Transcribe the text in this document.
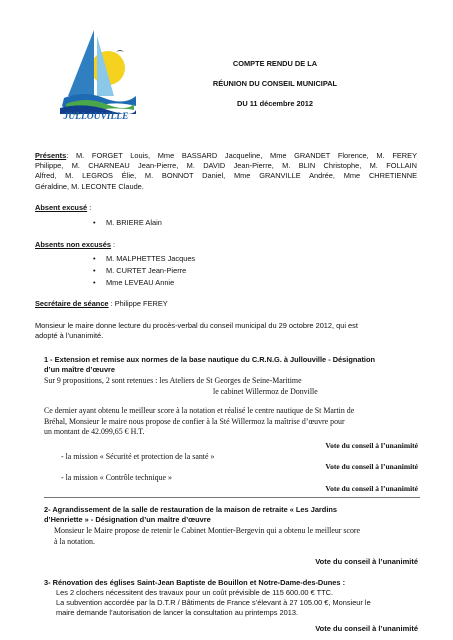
JULLOUVILLE
COMPTE RENDU DE LA
RÉUNION DU CONSEIL MUNICIPAL
DU 11 décembre 2012

Présents: M. FORGET Louis, Mme BASSARD Jacqueline, Mme GRANDET Florence, M. FEREY

Philippe, M. CHARNEAU Jean-Pierre, M. DAVID Jean-Pierre, M. BLIN Christophe, M. FOLLAIN

Alfred, M. LEGROS Élie, M. BONNOT Daniel, Mme GRANVILLE Andrée, Mme CHRETIENNE

Géraldine, M. LECONTE Claude.

Absent excusé :
• M. BRIERE Alain
Absents non excusés :
• M. MALPHETTES Jacques
• M. CURTET Jean-Pierre
• Mme LEVEAU Annie
Secrétaire de séance : Philippe FEREY

Monsieur le maire donne lecture du procès-verbal du conseil municipal du 29 octobre 2012, qui est

adopté à l’unanimité.

1 - Extension et remise aux normes de la base nautique du C.R.N.G. à Jullouville - Désignation

d’un maître d’œuvre

Sur 9 propositions, 2 sont retenues : les Ateliers de St Georges de Seine-Maritime
le cabinet Willermoz de Donville

Ce dernier ayant obtenu le meilleur score à la notation et réalisé le centre nautique de St Martin de

Bréhal, Monsieur le maire nous propose de confier à la Sté Willermoz la maîtrise d’œuvre pour

un montant de 42.099,65 € H.T.

Vote du conseil à l’unanimité
- la mission « Sécurité et protection de la santé »
Vote du conseil à l’unanimité
- la mission « Contrôle technique »
Vote du conseil à l’unanimité

2- Agrandissement de la salle de restauration de la maison de retraite « Les Jardins

d’Henriette » - Désignation d’un maître d’œuvre

Monsieur le Maire propose de retenir le Cabinet Montier-Bergevin qui a obtenu le meilleur score

à la notation.

Vote du conseil à l’unanimité
3- Rénovation des églises Saint-Jean Baptiste de Bouillon et Notre-Dame-des-Dunes :

Les 2 clochers nécessitent des travaux pour un coût prévisible de 115 600.00 € TTC.

La subvention accordée par la D.T.R / Bâtiments de France s’élevant à 27 105.00 €, Monsieur le

maire demande l’autorisation de lancer la consultation au printemps 2013.

Vote du conseil à l’unanimité
